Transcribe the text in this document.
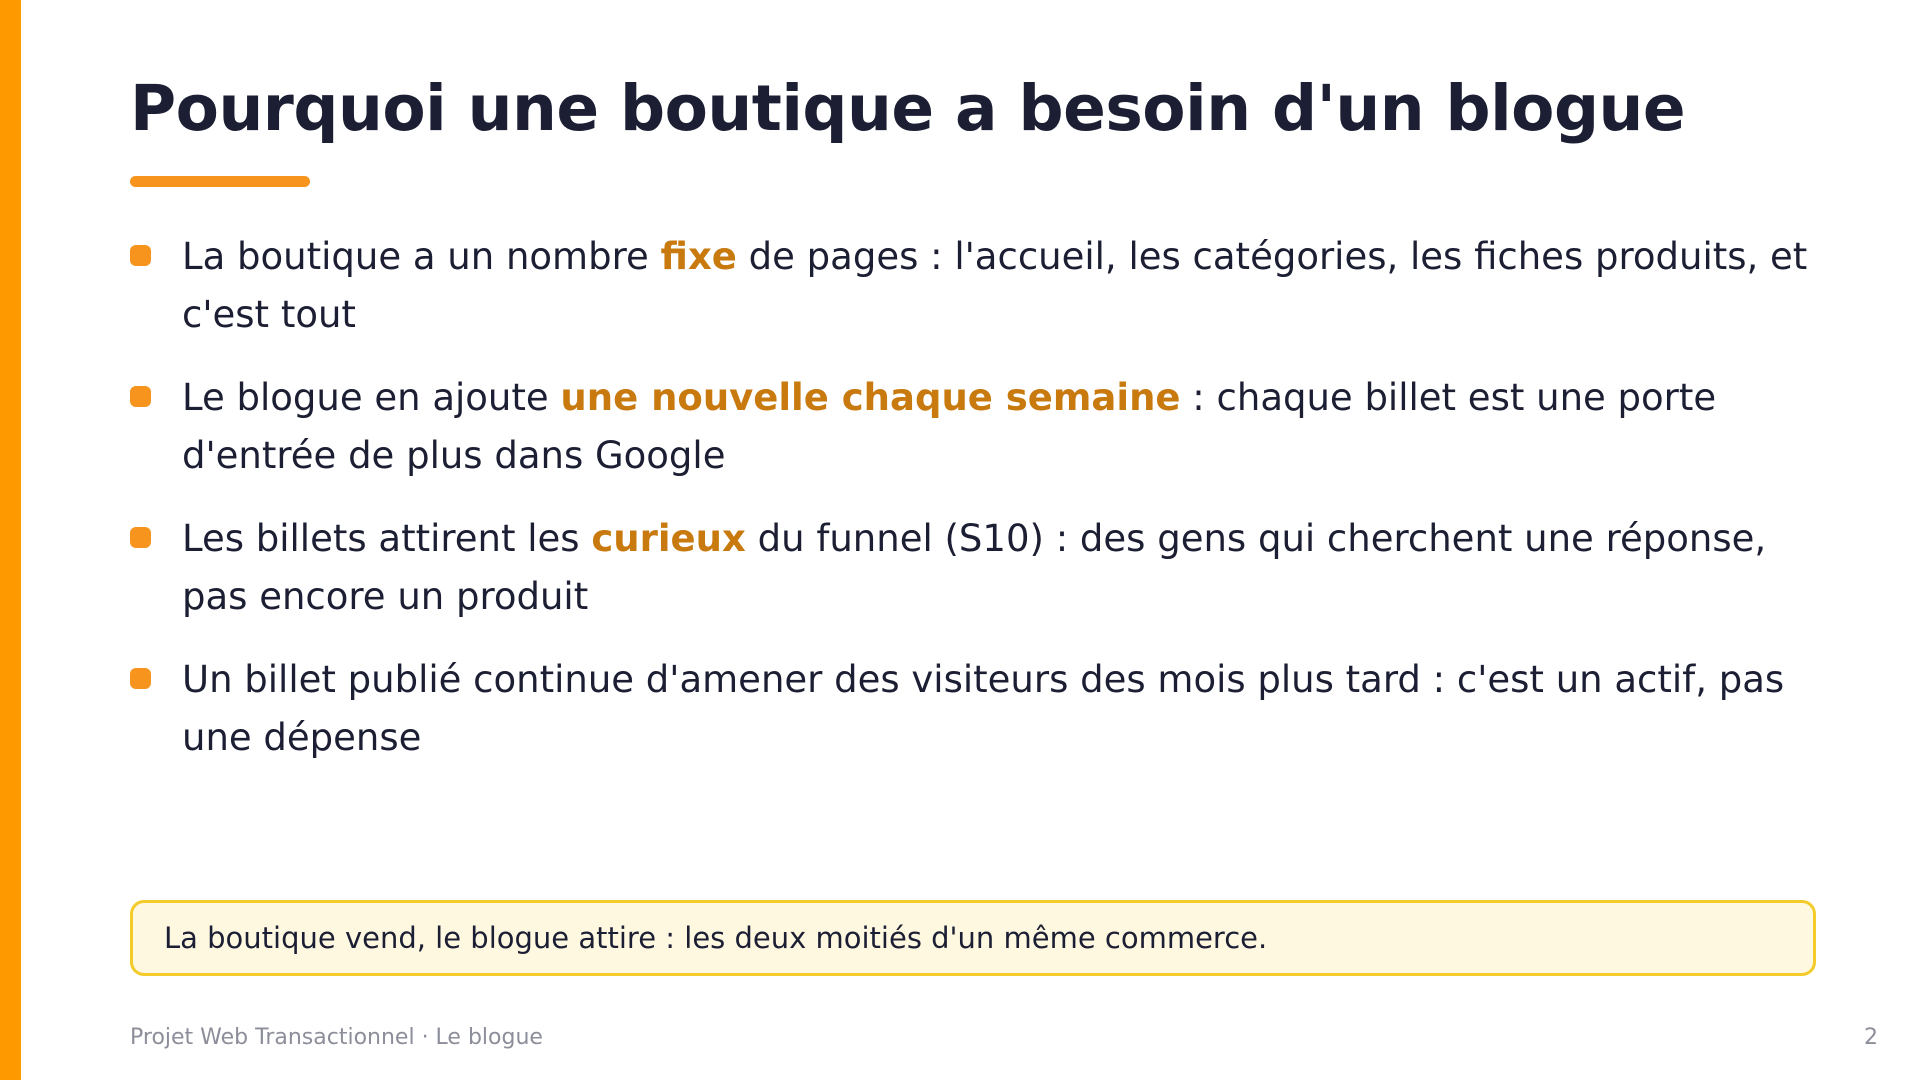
Pourquoi une boutique a besoin d'un blogue
La boutique a un nombre fixe de pages : l'accueil, les catégories, les fiches produits, et c'est tout
Le blogue en ajoute une nouvelle chaque semaine : chaque billet est une porte d'entrée de plus dans Google
Les billets attirent les curieux du funnel (S10) : des gens qui cherchent une réponse, pas encore un produit
Un billet publié continue d'amener des visiteurs des mois plus tard : c'est un actif, pas une dépense
La boutique vend, le blogue attire : les deux moitiés d'un même commerce.
Projet Web Transactionnel · Le blogue	2
